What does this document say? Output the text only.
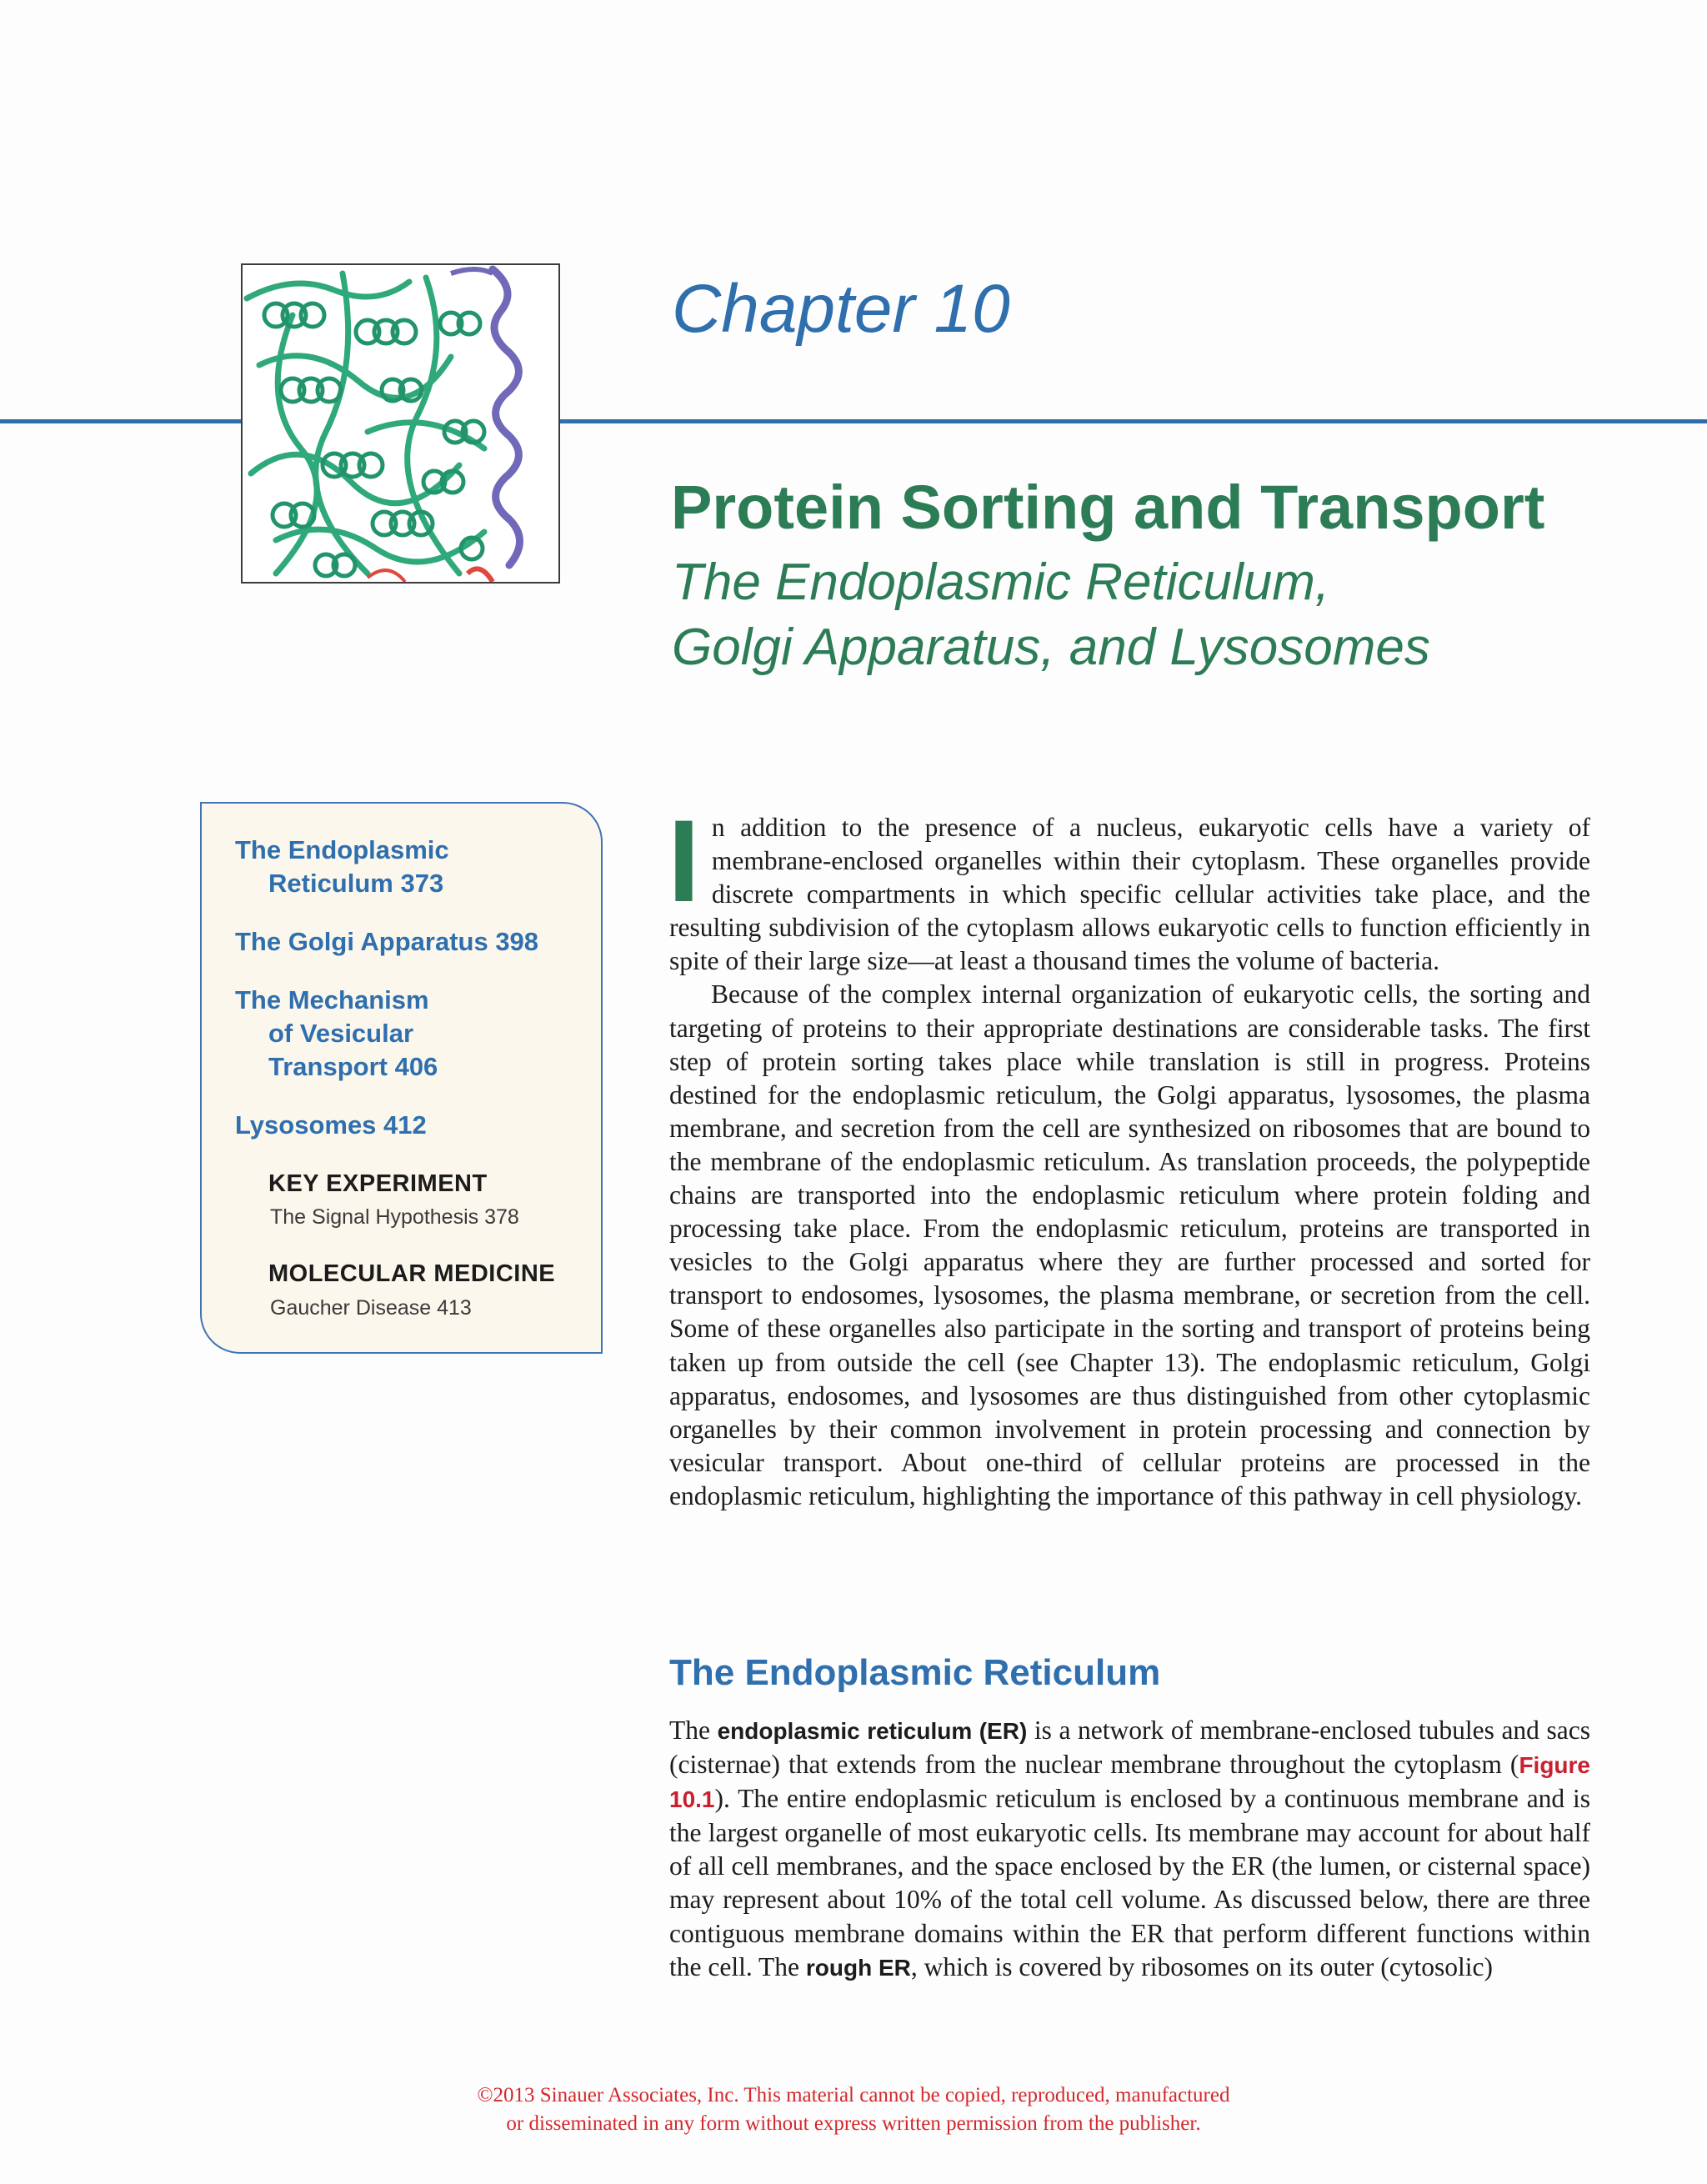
Chapter 10
Protein Sorting and Transport
The Endoplasmic Reticulum,
Golgi Apparatus, and Lysosomes
The Endoplasmic
Reticulum 373
The Golgi Apparatus 398
The Mechanism
of Vesicular
Transport 406
Lysosomes 412
KEY EXPERIMENT
The Signal Hypothesis 378
MOLECULAR MEDICINE
Gaucher Disease 413
I n addition to the presence of a nucleus, eukaryotic cells have a variety of membrane-enclosed organelles within their cytoplasm. These organelles provide discrete compartments in which specific cellular activities take place, and the resulting subdivision of the cytoplasm allows eukaryotic cells to function efficiently in spite of their large size—at least a thousand times the volume of bacteria.

Because of the complex internal organization of eukaryotic cells, the sorting and targeting of proteins to their appropriate destinations are considerable tasks. The first step of protein sorting takes place while translation is still in progress. Proteins destined for the endoplasmic reticulum, the Golgi apparatus, lysosomes, the plasma membrane, and secretion from the cell are synthesized on ribosomes that are bound to the membrane of the endoplasmic reticulum. As translation proceeds, the polypeptide chains are transported into the endoplasmic reticulum where protein folding and processing take place. From the endoplasmic reticulum, proteins are transported in vesicles to the Golgi apparatus where they are further processed and sorted for transport to endosomes, lysosomes, the plasma membrane, or secretion from the cell. Some of these organelles also participate in the sorting and transport of proteins being taken up from outside the cell (see Chapter 13). The endoplasmic reticulum, Golgi apparatus, endosomes, and lysosomes are thus distinguished from other cytoplasmic organelles by their common involvement in protein processing and connection by vesicular transport. About one-third of cellular proteins are processed in the endoplasmic reticulum, highlighting the importance of this pathway in cell physiology.

The Endoplasmic Reticulum

The endoplasmic reticulum (ER) is a network of membrane-enclosed tubules and sacs (cisternae) that extends from the nuclear membrane throughout the cytoplasm (Figure 10.1). The entire endoplasmic reticulum is enclosed by a continuous membrane and is the largest organelle of most eukaryotic cells. Its membrane may account for about half of all cell membranes, and the space enclosed by the ER (the lumen, or cisternal space) may represent about 10% of the total cell volume. As discussed below, there are three contiguous membrane domains within the ER that perform different functions within the cell. The rough ER, which is covered by ribosomes on its outer (cytosolic)

©2013 Sinauer Associates, Inc. This material cannot be copied, reproduced, manufactured
or disseminated in any form without express written permission from the publisher.
